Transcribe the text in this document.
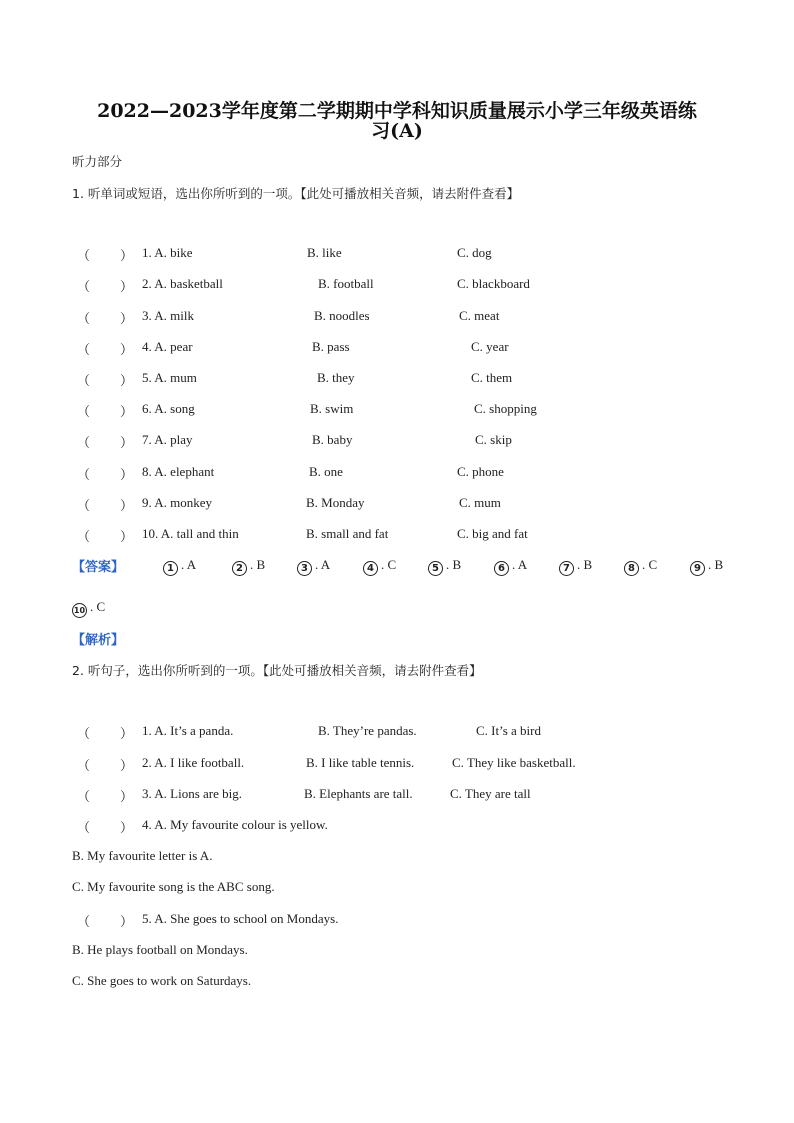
2022—2023学年度第二学期期中学科知识质量展示小学三年级英语练
习(A)
听力部分
1. 听单词或短语，选出你所听到的一项。【此处可播放相关音频，请去附件查看】
（ ） 1. A. bike	B. like	C. dog
（ ） 2. A. basketball	B. football	C. blackboard
（ ） 3. A. milk	B. noodles	C. meat
（ ） 4. A. pear	B. pass	C. year
（ ） 5. A. mum	B. they	C. them
（ ） 6. A. song	B. swim	C. shopping
（ ） 7. A. play	B. baby	C. skip
（ ） 8. A. elephant	B. one	C. phone
（ ） 9. A. monkey	B. Monday	C. mum
（ ） 10. A. tall and thin	B. small and fat	C. big and fat
【答案】	1 . A	2 . B	3 . A	4 . C	5 . B	6 . A	7 . B	8 . C	9 . B
10 . C
【解析】
2. 听句子，选出你所听到的一项。【此处可播放相关音频，请去附件查看】
（ ） 1. A. It’s a panda.	B. They’re pandas.	C. It’s a bird
（ ） 2. A. I like football.	B. I like table tennis.	C. They like basketball.
（ ） 3. A. Lions are big.	B. Elephants are tall.	C. They are tall
（ ） 4. A. My favourite colour is yellow.
B. My favourite letter is A.
C. My favourite song is the ABC song.
（ ） 5. A. She goes to school on Mondays.
B. He plays football on Mondays.
C. She goes to work on Saturdays.
